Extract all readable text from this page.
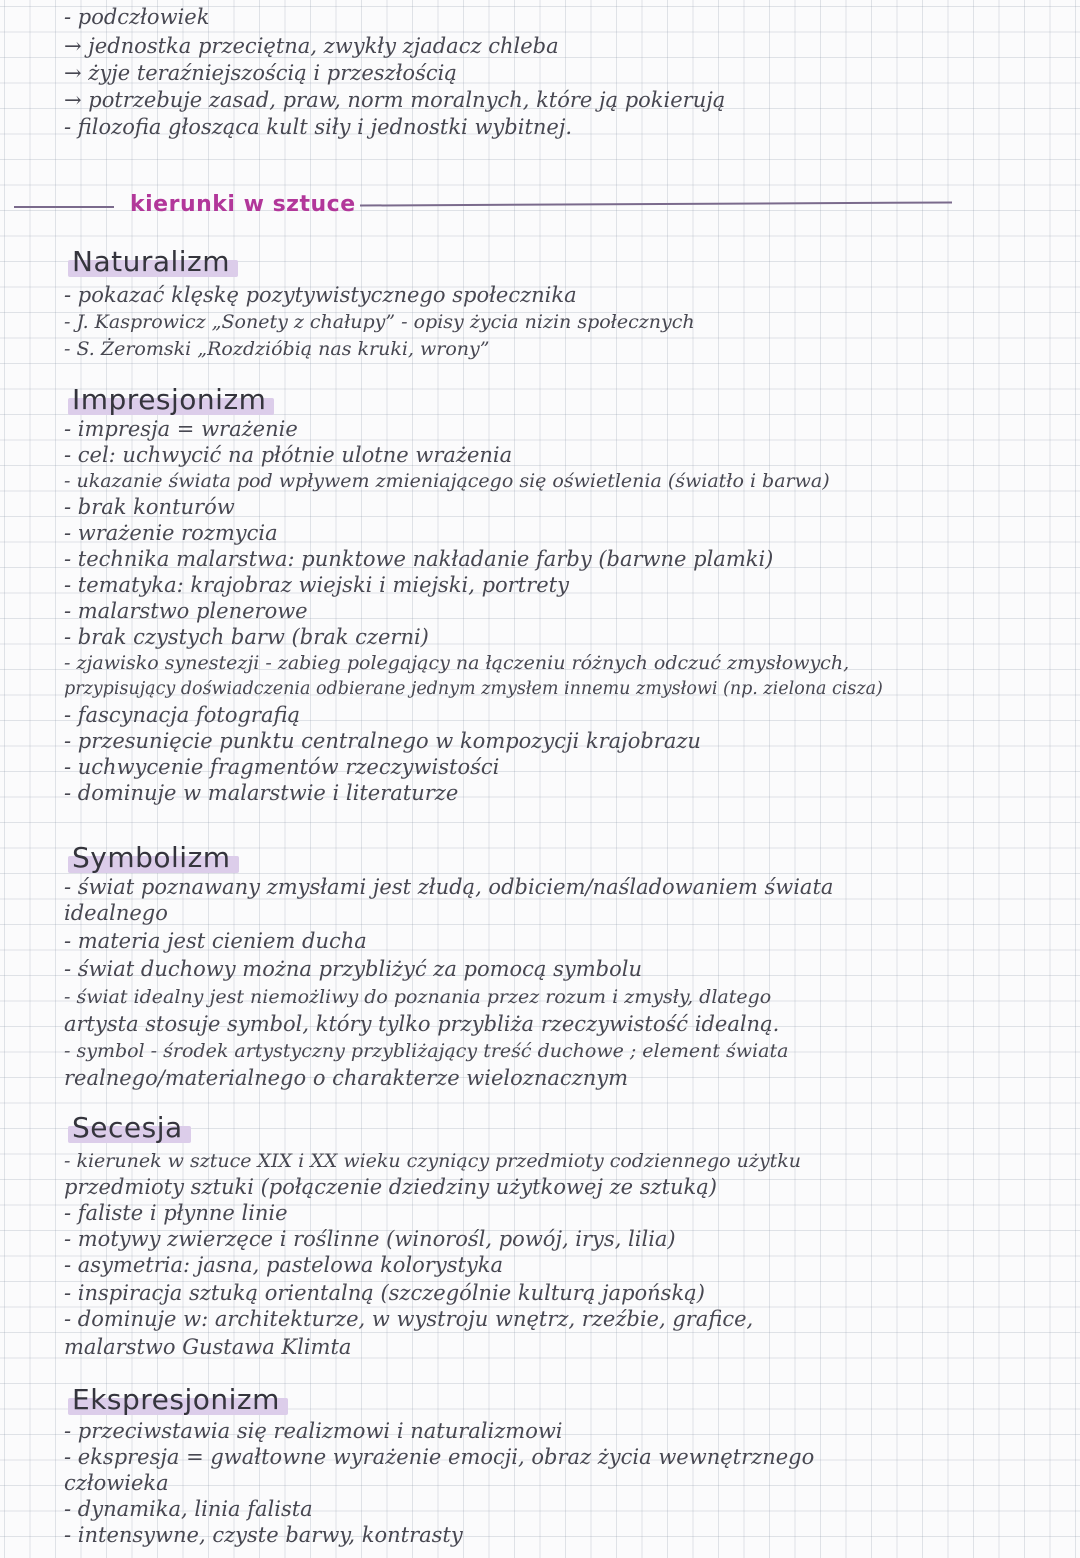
- podczłowiek
→ jednostka przeciętna, zwykły zjadacz chleba
→ żyje teraźniejszością i przeszłością
→ potrzebuje zasad, praw, norm moralnych, które ją pokierują
- filozofia głosząca kult siły i jednostki wybitnej.
kierunki w sztuce
Naturalizm
- pokazać klęskę pozytywistycznego społecznika
- J. Kasprowicz „Sonety z chałupy” - opisy życia nizin społecznych
- S. Żeromski „Rozdzióbią nas kruki, wrony”
Impresjonizm
- impresja = wrażenie
- cel: uchwycić na płótnie ulotne wrażenia
- ukazanie świata pod wpływem zmieniającego się oświetlenia (światło i barwa)
- brak konturów
- wrażenie rozmycia
- technika malarstwa: punktowe nakładanie farby (barwne plamki)
- tematyka: krajobraz wiejski i miejski, portrety
- malarstwo plenerowe
- brak czystych barw (brak czerni)
- zjawisko synestezji - zabieg polegający na łączeniu różnych odczuć zmysłowych,
przypisujący doświadczenia odbierane jednym zmysłem innemu zmysłowi (np. zielona cisza)
- fascynacja fotografią
- przesunięcie punktu centralnego w kompozycji krajobrazu
- uchwycenie fragmentów rzeczywistości
- dominuje w malarstwie i literaturze
Symbolizm
- świat poznawany zmysłami jest złudą, odbiciem/naśladowaniem świata
idealnego
- materia jest cieniem ducha
- świat duchowy można przybliżyć za pomocą symbolu
- świat idealny jest niemożliwy do poznania przez rozum i zmysły, dlatego
artysta stosuje symbol, który tylko przybliża rzeczywistość idealną.
- symbol - środek artystyczny przybliżający treść duchowe ; element świata
realnego/materialnego o charakterze wieloznacznym
Secesja
- kierunek w sztuce XIX i XX wieku czyniący przedmioty codziennego użytku
przedmioty sztuki (połączenie dziedziny użytkowej ze sztuką)
- faliste i płynne linie
- motywy zwierzęce i roślinne (winorośl, powój, irys, lilia)
- asymetria: jasna, pastelowa kolorystyka
- inspiracja sztuką orientalną (szczególnie kulturą japońską)
- dominuje w: architekturze, w wystroju wnętrz, rzeźbie, grafice,
malarstwo Gustawa Klimta
Ekspresjonizm
- przeciwstawia się realizmowi i naturalizmowi
- ekspresja = gwałtowne wyrażenie emocji, obraz życia wewnętrznego
człowieka
- dynamika, linia falista
- intensywne, czyste barwy, kontrasty
